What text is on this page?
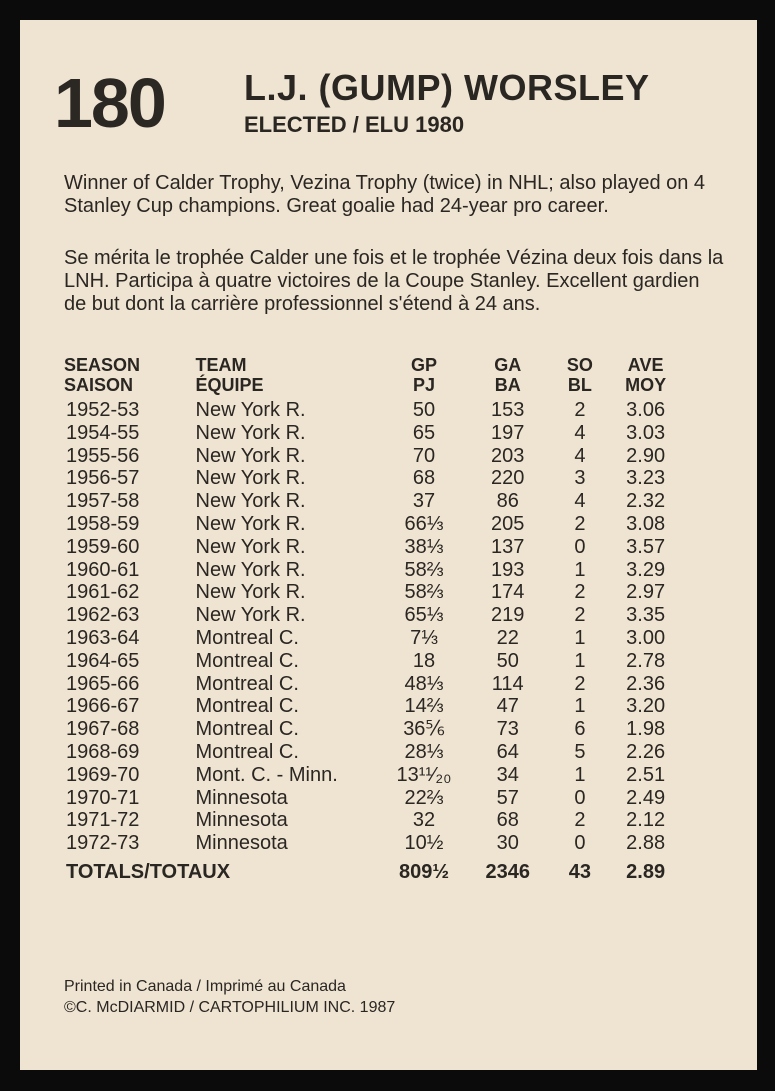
180 L.J. (GUMP) WORSLEY
ELECTED / ELU 1980

Winner of Calder Trophy, Vezina Trophy (twice) in NHL; also played on 4 Stanley Cup champions. Great goalie had 24-year pro career.

Se mérita le trophée Calder une fois et le trophée Vézina deux fois dans la LNH. Participa à quatre victoires de la Coupe Stanley. Excellent gardien de but dont la carrière professionnel s'étend à 24 ans.

SEASON	TEAM	GP	GA	SO	AVE
SAISON	ÉQUIPE	PJ	BA	BL	MOY
1952-53	New York R.	50	153	2	3.06
1954-55	New York R.	65	197	4	3.03
1955-56	New York R.	70	203	4	2.90
1956-57	New York R.	68	220	3	3.23
1957-58	New York R.	37	86	4	2.32
1958-59	New York R.	66⅓	205	2	3.08
1959-60	New York R.	38⅓	137	0	3.57
1960-61	New York R.	58⅔	193	1	3.29
1961-62	New York R.	58⅔	174	2	2.97
1962-63	New York R.	65⅓	219	2	3.35
1963-64	Montreal C.	7⅓	22	1	3.00
1964-65	Montreal C.	18	50	1	2.78
1965-66	Montreal C.	48⅓	114	2	2.36
1966-67	Montreal C.	14⅔	47	1	3.20
1967-68	Montreal C.	36⅚	73	6	1.98
1968-69	Montreal C.	28⅓	64	5	2.26
1969-70	Mont. C. - Minn.	13¹¹⁄₂₀	34	1	2.51
1970-71	Minnesota	22⅔	57	0	2.49
1971-72	Minnesota	32	68	2	2.12
1972-73	Minnesota	10½	30	0	2.88
TOTALS/TOTAUX		809½	2346	43	2.89
Printed in Canada / Imprimé au Canada
©C. McDIARMID / CARTOPHILIUM INC. 1987
